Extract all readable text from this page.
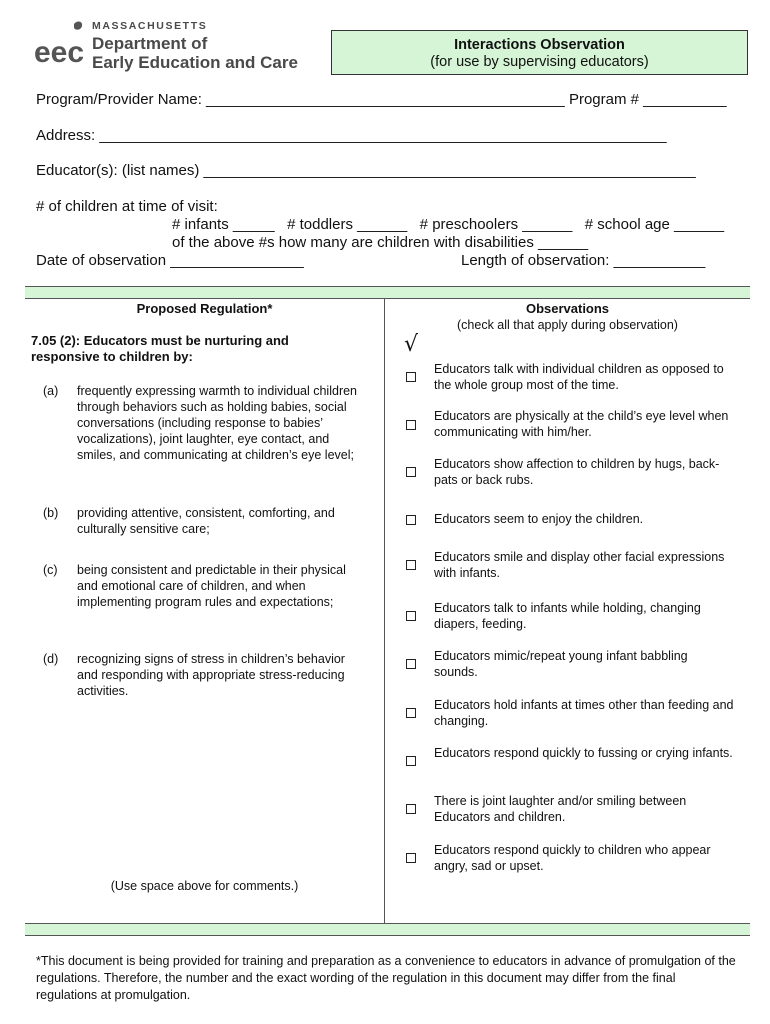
eec
MASSACHUSETTS
Department of
Early Education and Care
Interactions Observation
(for use by supervising educators)
Program/Provider Name: ___________________________________________ Program # __________
Address: ____________________________________________________________________
Educator(s): (list names) ___________________________________________________________
# of children at time of visit:
# infants _____   # toddlers ______   # preschoolers ______   # school age ______
of the above #s how many are children with disabilities ______
Date of observation ________________	Length of observation: ___________
Proposed Regulation*	Observations
(check all that apply during observation)
√
7.05 (2): Educators must be nurturing and responsive to children by:
(a) frequently expressing warmth to individual children through behaviors such as holding babies, social conversations (including response to babies’ vocalizations), joint laughter, eye contact, and smiles, and communicating at children’s eye level;
(b) providing attentive, consistent, comforting, and culturally sensitive care;
(c) being consistent and predictable in their physical and emotional care of children, and when implementing program rules and expectations;
(d) recognizing signs of stress in children’s behavior and responding with appropriate stress-reducing activities.
(Use space above for comments.)
Educators talk with individual children as opposed to the whole group most of the time.
Educators are physically at the child’s eye level when communicating with him/her.
Educators show affection to children by hugs, back-pats or back rubs.
Educators seem to enjoy the children.
Educators smile and display other facial expressions with infants.
Educators talk to infants while holding, changing diapers, feeding.
Educators mimic/repeat young infant babbling sounds.
Educators hold infants at times other than feeding and changing.
Educators respond quickly to fussing or crying infants.
There is joint laughter and/or smiling between Educators and children.
Educators respond quickly to children who appear angry, sad or upset.
*This document is being provided for training and preparation as a convenience to educators in advance of promulgation of the regulations. Therefore, the number and the exact wording of the regulation in this document may differ from the final regulations at promulgation.
